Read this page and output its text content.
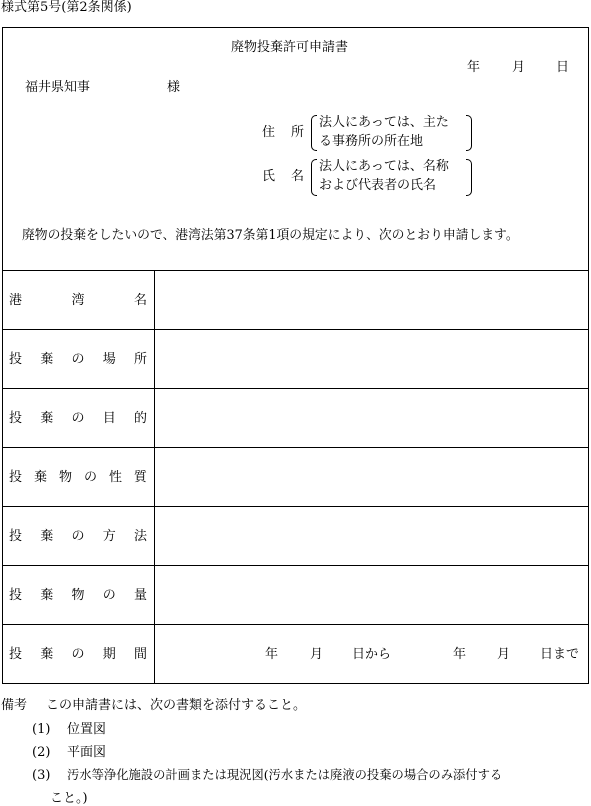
様式第5号(第2条関係)
廃物投棄許可申請書
年 月 日
福井県知事	様
住 所
法人にあっては、主た
る事務所の所在地
氏 名
法人にあっては、名称
および代表者の氏名
廃物の投棄をしたいので、港湾法第37条第1項の規定により、次のとおり申請します。
港	湾	名
投 棄 の 場 所
投 棄 の 目 的
投 棄 物 の 性 質
投 棄 の 方 法
投 棄 物 の 量
投 棄 の 期 間	年 月 日から	年 月 日まで
備考 この申請書には、次の書類を添付すること。
(1) 位置図
(2) 平面図
(3) 汚水等浄化施設の計画または現況図(汚水または廃液の投棄の場合のみ添付する
こと。)
